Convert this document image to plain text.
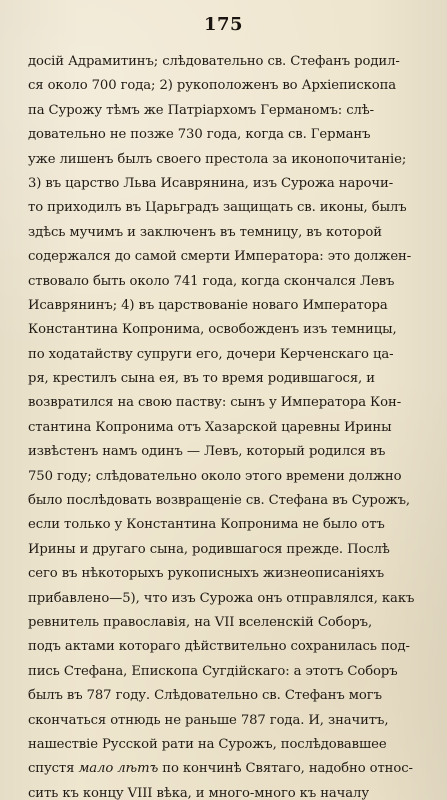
175
досiй Адрамитинъ; слѣдовательно св. Стефанъ родил-
ся около 700 года; 2) рукоположенъ во Архiепископа
па Сурожу тѣмъ же Патрiархомъ Германомъ: слѣ-
довательно не позже 730 года, когда св. Германъ
уже лишенъ былъ своего престола за иконопочитанiе;
3) въ царство Льва Исаврянина, изъ Сурожа нарочи-
то приходилъ въ Царьградъ защищать св. иконы, былъ
здѣсь мучимъ и заключенъ въ темницу, въ которой
содержался до самой смерти Императора: это должен-
ствовало быть около 741 года, когда скончался Левъ
Исаврянинъ; 4) въ царствованiе новаго Императора
Константина Копронима, освобожденъ изъ темницы,
по ходатайству супруги его, дочери Керченскаго ца-
ря, крестилъ сына ея, въ то время родившагося, и
возвратился на свою паству: сынъ у Императора Кон-
стантина Копронима отъ Хазарской царевны Ирины
извѣстенъ намъ одинъ — Левъ, который родился въ
750 году; слѣдовательно около этого времени должно
было послѣдовать возвращенiе св. Стефана въ Сурожъ,
если только у Константина Копронима не было отъ
Ирины и другаго сына, родившагося прежде. Послѣ
сего въ нѣкоторыхъ рукописныхъ жизнеописанiяхъ
прибавлено—5), что изъ Сурожа онъ отправлялся, какъ
ревнитель православiя, на VII вселенскiй Соборъ,
подъ актами котораго дѣйствительно сохранилась под-
пись Стефана, Епископа Сугдiйскаго: а этотъ Соборъ
былъ въ 787 году. Слѣдовательно св. Стефанъ могъ
скончаться отнюдь не раньше 787 года. И, значитъ,
нашествiе Русской рати на Сурожъ, послѣдовавшее
спустя мало лѣтъ по кончинѣ Святаго, надобно относ-
сить къ концу VIII вѣка, и много-много къ началу
